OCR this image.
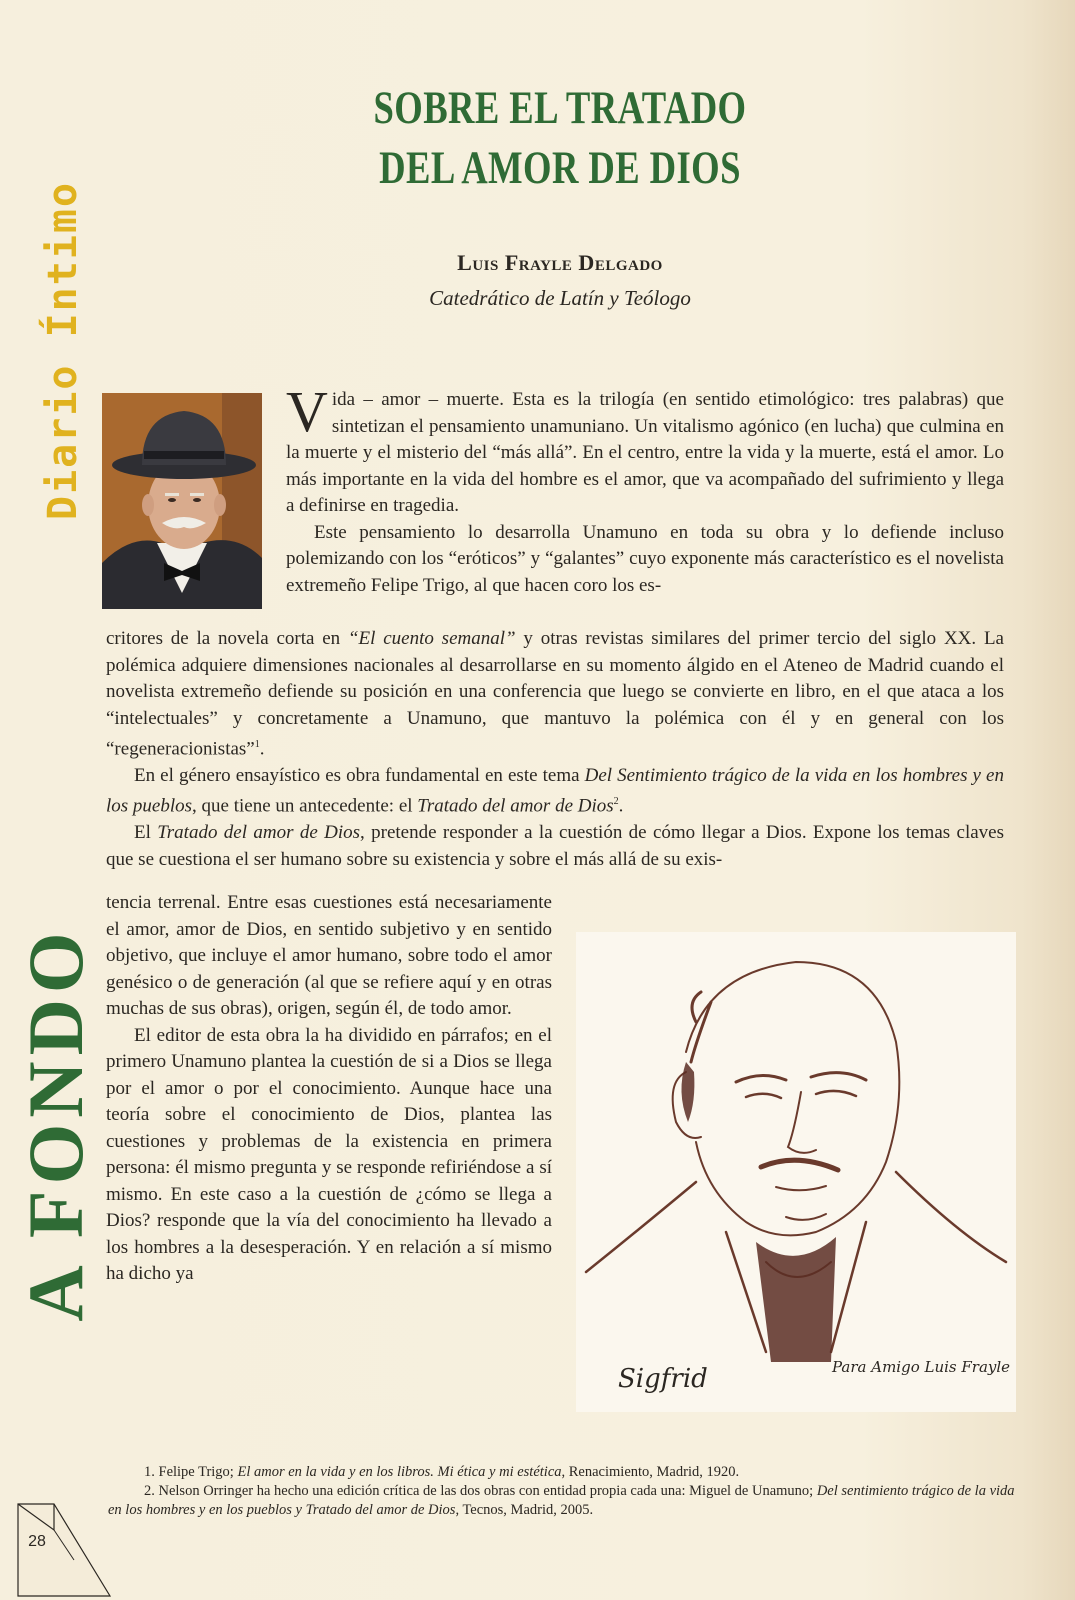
Diario Íntimo
A FONDO
SOBRE EL TRATADO
DEL AMOR DE DIOS
Luis Frayle Delgado
Catedrático de Latín y Teólogo

Vida – amor – muerte. Esta es la trilogía (en sentido etimológico: tres palabras) que sintetizan el pensamiento unamuniano. Un vitalismo agónico (en lucha) que culmina en la muerte y el misterio del “más allá”. En el centro, entre la vida y la muerte, está el amor. Lo más importante en la vida del hombre es el amor, que va acompañado del sufrimiento y llega a definirse en tragedia.

Este pensamiento lo desarrolla Unamuno en toda su obra y lo defiende incluso polemizando con los “eróticos” y “galantes” cuyo exponente más característico es el novelista extremeño Felipe Trigo, al que hacen coro los es-

critores de la novela corta en “El cuento semanal” y otras revistas similares del primer tercio del siglo XX. La polémica adquiere dimensiones nacionales al desarrollarse en su momento álgido en el Ateneo de Madrid cuando el novelista extremeño defiende su posición en una conferencia que luego se convierte en libro, en el que ataca a los “intelectuales” y concretamente a Unamuno, que mantuvo la polémica con él y en general con los “regeneracionistas”$^1$.

En el género ensayístico es obra fundamental en este tema Del Sentimiento trágico de la vida en los hombres y en los pueblos, que tiene un antecedente: el Tratado del amor de Dios$^2$.

El Tratado del amor de Dios, pretende responder a la cuestión de cómo llegar a Dios. Expone los temas claves que se cuestiona el ser humano sobre su existencia y sobre el más allá de su exis-

tencia terrenal. Entre esas cuestiones está necesariamente el amor, amor de Dios, en sentido subjetivo y en sentido objetivo, que incluye el amor humano, sobre todo el amor genésico o de generación (al que se refiere aquí y en otras muchas de sus obras), origen, según él, de todo amor.

El editor de esta obra la ha dividido en párrafos; en el primero Unamuno plantea la cuestión de si a Dios se llega por el amor o por el conocimiento. Aunque hace una teoría sobre el conocimiento de Dios, plantea las cuestiones y problemas de la existencia en primera persona: él mismo pregunta y se responde refiriéndose a sí mismo. En este caso a la cuestión de ¿cómo se llega a Dios? responde que la vía del conocimiento ha llevado a los hombres a la desesperación. Y en relación a sí mismo ha dicho ya

Sigfrid	Para Amigo Luis Frayle

1. Felipe Trigo; El amor en la vida y en los libros. Mi ética y mi estética, Renacimiento, Madrid, 1920.

2. Nelson Orringer ha hecho una edición crítica de las dos obras con entidad propia cada una: Miguel de Unamuno; Del sentimiento trágico de la vida en los hombres y en los pueblos y Tratado del amor de Dios, Tecnos, Madrid, 2005.

28
